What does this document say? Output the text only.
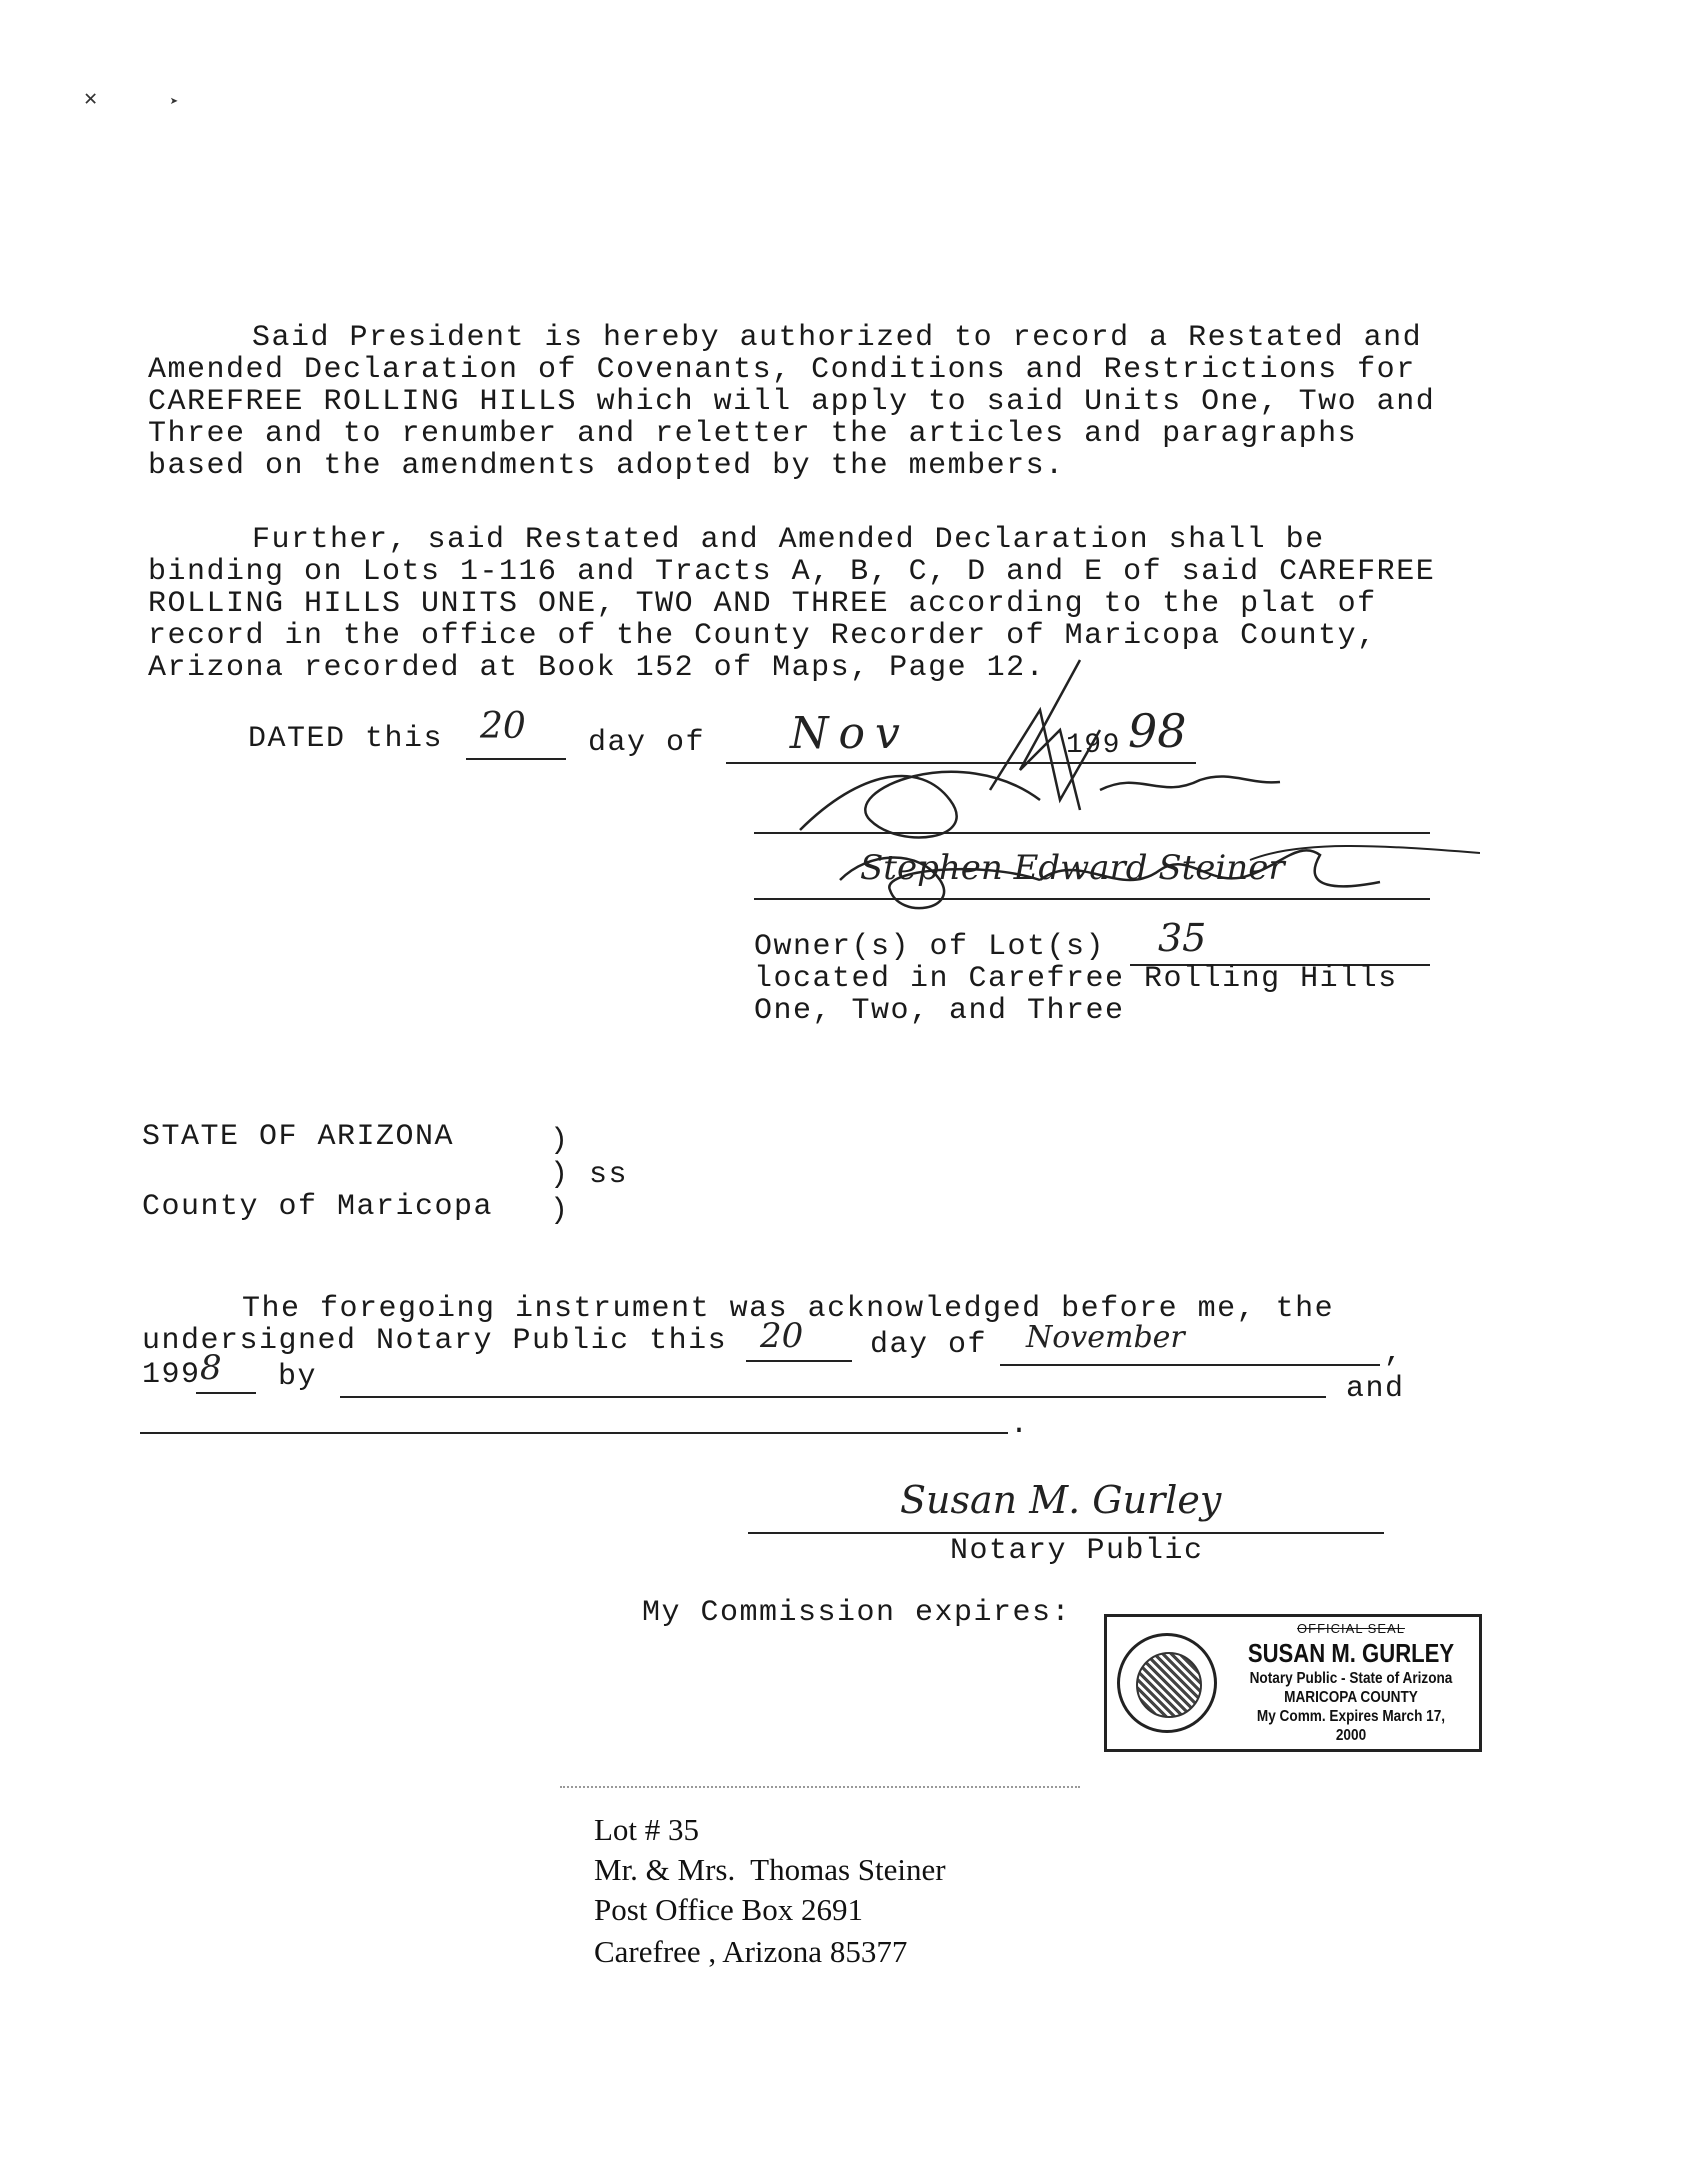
✕	➤
Said President is hereby authorized to record a Restated and
Amended Declaration of Covenants, Conditions and Restrictions for
CAREFREE ROLLING HILLS which will apply to said Units One, Two and
Three and to renumber and reletter the articles and paragraphs
based on the amendments adopted by the members.
Further, said Restated and Amended Declaration shall be
binding on Lots 1-116 and Tracts A, B, C, D and E of said CAREFREE
ROLLING HILLS UNITS ONE, TWO AND THREE according to the plat of
record in the office of the County Recorder of Maricopa County,
Arizona recorded at Book 152 of Maps, Page 12.
DATED this 20 day of Nov	199 98
Stephen Edward Steiner
Owner(s) of Lot(s) 35
located in Carefree Rolling Hills
One, Two, and Three
STATE OF ARIZONA	)
) ss
County of Maricopa )
The foregoing instrument was acknowledged before me, the
undersigned Notary Public this 20 day of November	,
199 8 by	and
.
Susan M. Gurley
Notary Public
My Commission expires:	OFFICIAL SEAL
SUSAN M. GURLEY
Notary Public - State of Arizona
MARICOPA COUNTY
My Comm. Expires March 17, 2000
Lot # 35
Mr. & Mrs.  Thomas Steiner
Post Office Box 2691
Carefree , Arizona 85377
